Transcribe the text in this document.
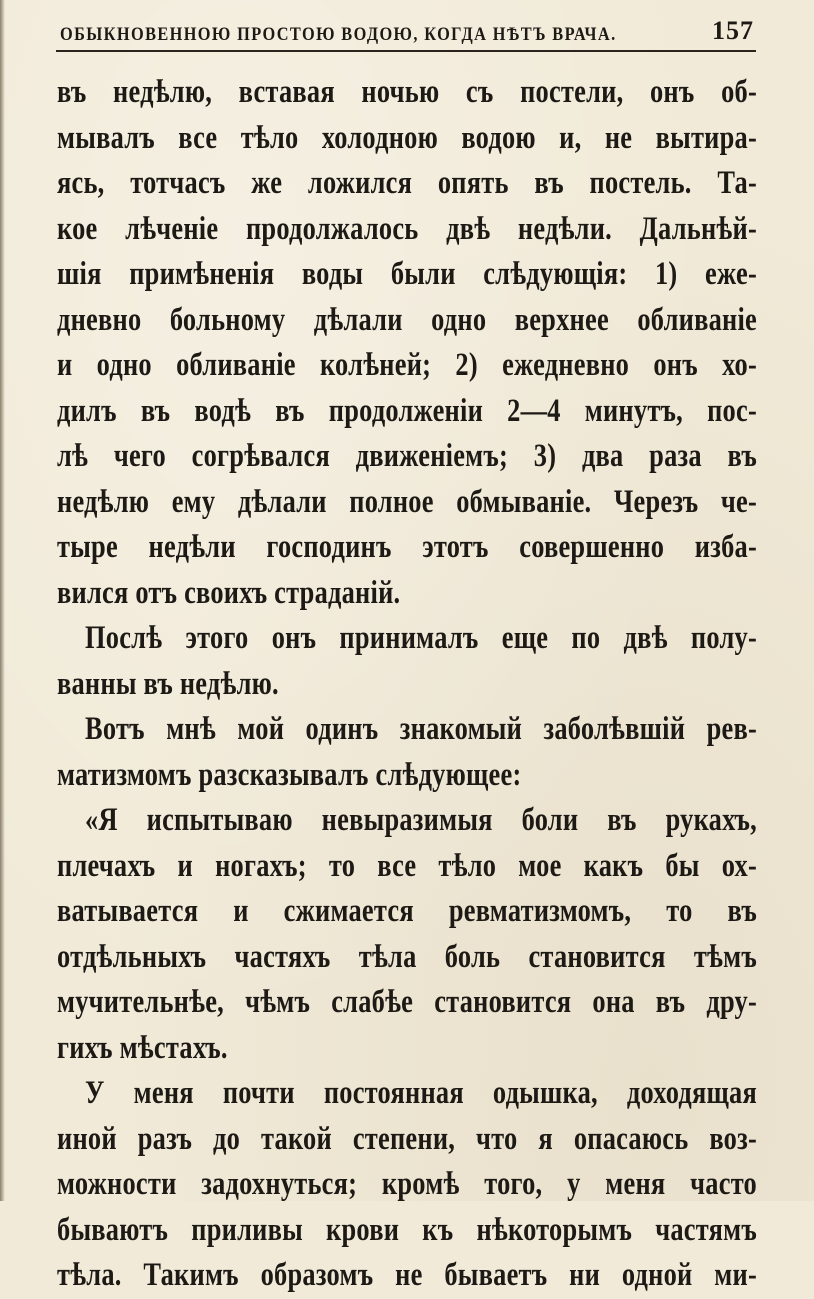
ОБЫКНОВЕННОЮ ПРОСТОЮ ВОДОЮ, КОГДА НѢТЪ ВРАЧА.	157
въ недѣлю, вставая ночью съ постели, онъ об-
мывалъ все тѣло холодною водою и, не вытира-
ясь, тотчасъ же ложился опять въ постель. Та-
кое лѣченіе продолжалось двѣ недѣли. Дальнѣй-
шія примѣненія воды были слѣдующія: 1) еже-
дневно больному дѣлали одно верхнее обливаніе
и одно обливаніе колѣней; 2) ежедневно онъ хо-
дилъ въ водѣ въ продолженіи 2—4 минутъ, пос-
лѣ чего согрѣвался движеніемъ; 3) два раза въ
недѣлю ему дѣлали полное обмываніе. Черезъ че-
тыре недѣли господинъ этотъ совершенно изба-
вился отъ своихъ страданій.
Послѣ этого онъ принималъ еще по двѣ полу-
ванны въ недѣлю.
Вотъ мнѣ мой одинъ знакомый заболѣвшій рев-
матизмомъ разсказывалъ слѣдующее:
«Я испытываю невыразимыя боли въ рукахъ,
плечахъ и ногахъ; то все тѣло мое какъ бы ох-
ватывается и сжимается ревматизмомъ, то въ
отдѣльныхъ частяхъ тѣла боль становится тѣмъ
мучительнѣе, чѣмъ слабѣе становится она въ дру-
гихъ мѣстахъ.
У меня почти постоянная одышка, доходящая
иной разъ до такой степени, что я опасаюсь воз-
можности задохнуться; кромѣ того, у меня часто
бываютъ приливы крови къ нѣкоторымъ частямъ
тѣла. Такимъ образомъ не бываетъ ни одной ми-
